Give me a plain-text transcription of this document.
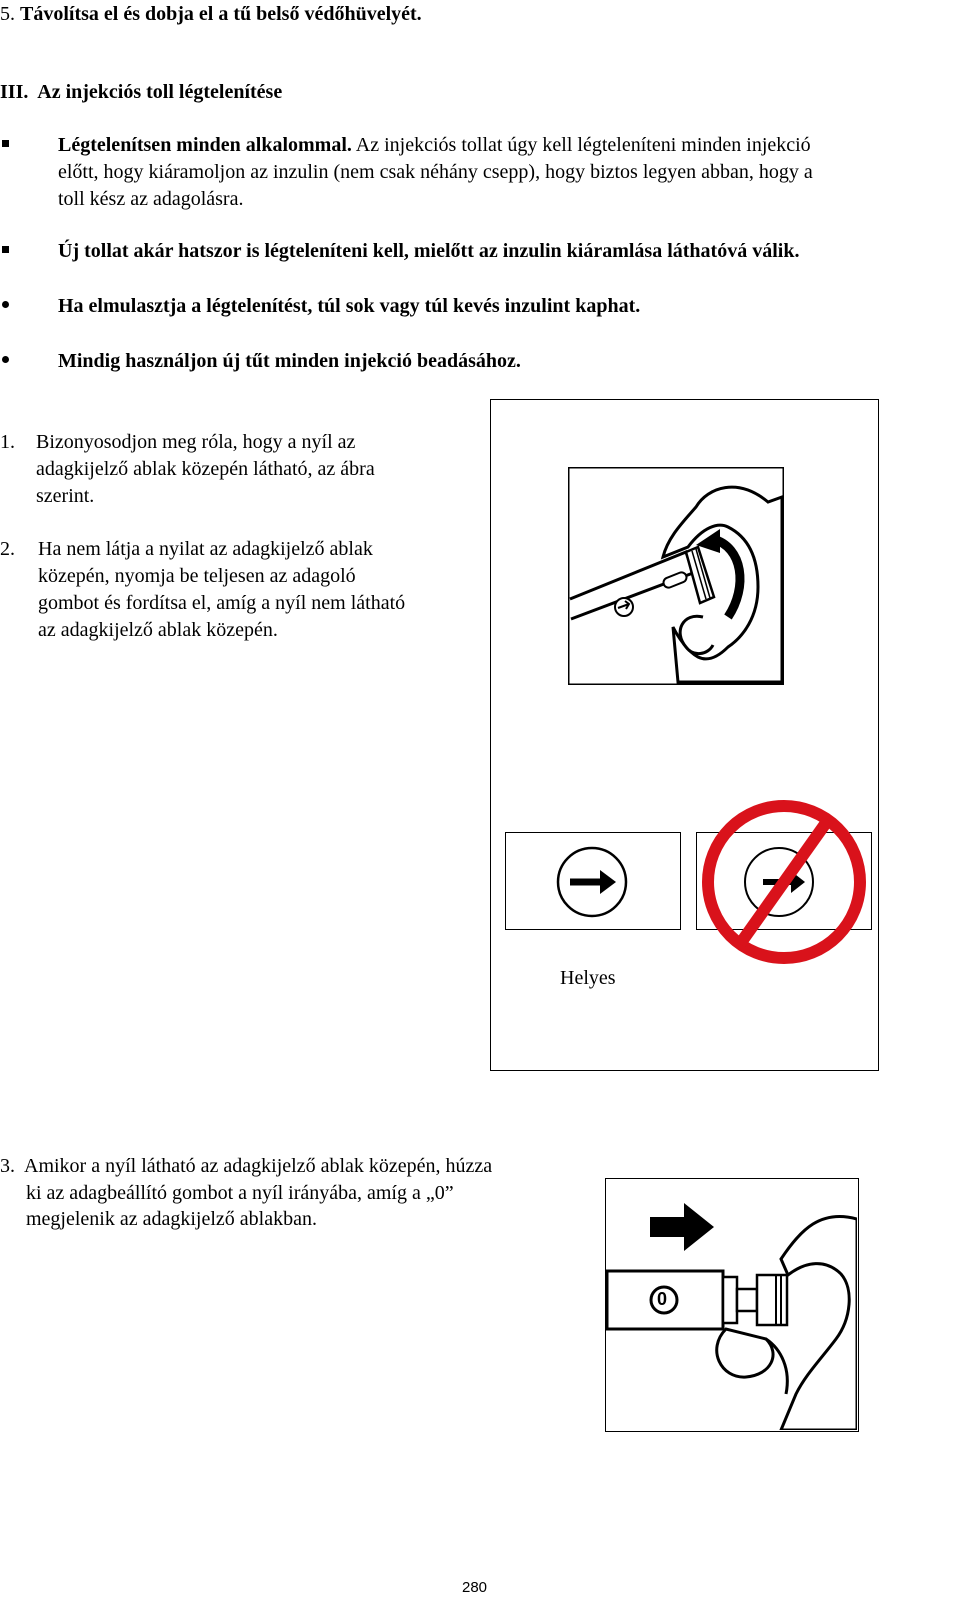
5. Távolítsa el és dobja el a tű belső védőhüvelyét.
III. Az injekciós toll légtelenítése
Légtelenítsen minden alkalommal. Az injekciós tollat úgy kell légteleníteni minden injekció
előtt, hogy kiáramoljon az inzulin (nem csak néhány csepp), hogy biztos legyen abban, hogy a
toll kész az adagolásra.
Új tollat akár hatszor is légteleníteni kell, mielőtt az inzulin kiáramlása láthatóvá válik.
Ha elmulasztja a légtelenítést, túl sok vagy túl kevés inzulint kaphat.
Mindig használjon új tűt minden injekció beadásához.
1. Bizonyosodjon meg róla, hogy a nyíl az
adagkijelző ablak közepén látható, az ábra
szerint.
2. Ha nem látja a nyilat az adagkijelző ablak
közepén, nyomja be teljesen az adagoló
gombot és fordítsa el, amíg a nyíl nem látható
az adagkijelző ablak közepén.
Helyes
3. Amikor a nyíl látható az adagkijelző ablak közepén, húzza
ki az adagbeállító gombot a nyíl irányába, amíg a „0”
megjelenik az adagkijelző ablakban.
0
280
